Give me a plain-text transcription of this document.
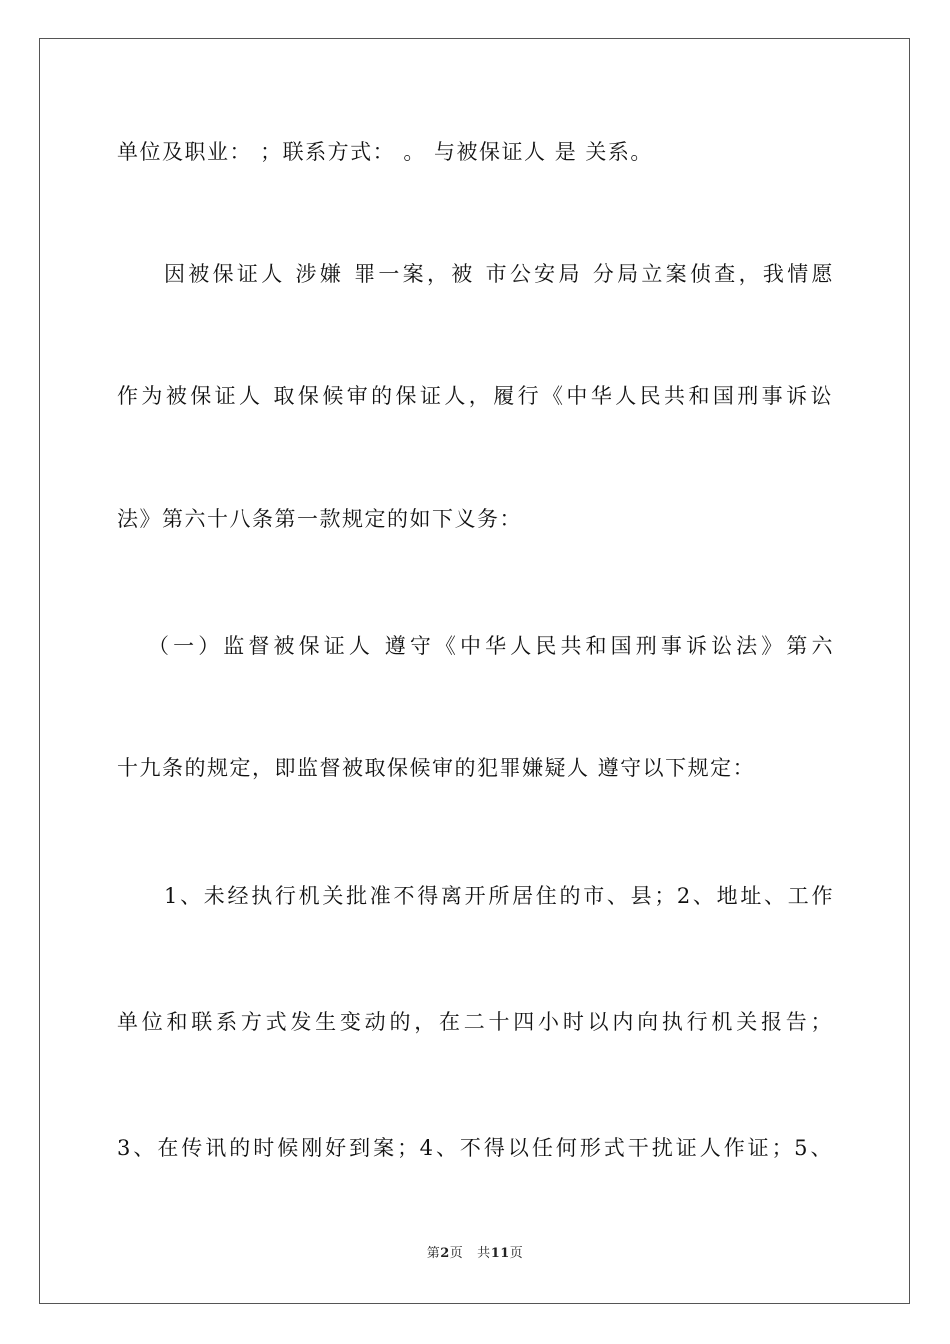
单位及职业： ；联系方式： 。 与被保证人 是 关系。
因被保证人 涉嫌 罪一案，被 市公安局 分局立案侦查，我情愿
作为被保证人 取保候审的保证人，履行《中华人民共和国刑事诉讼
法》第六十八条第一款规定的如下义务：
（一）监督被保证人 遵守《中华人民共和国刑事诉讼法》第六
十九条的规定，即监督被取保候审的犯罪嫌疑人 遵守以下规定：
1、未经执行机关批准不得离开所居住的市、县；2、地址、工作
单位和联系方式发生变动的，在二十四小时以内向执行机关报告；
3、在传讯的时候刚好到案；4、不得以任何形式干扰证人作证；5、
第2页 共11页
